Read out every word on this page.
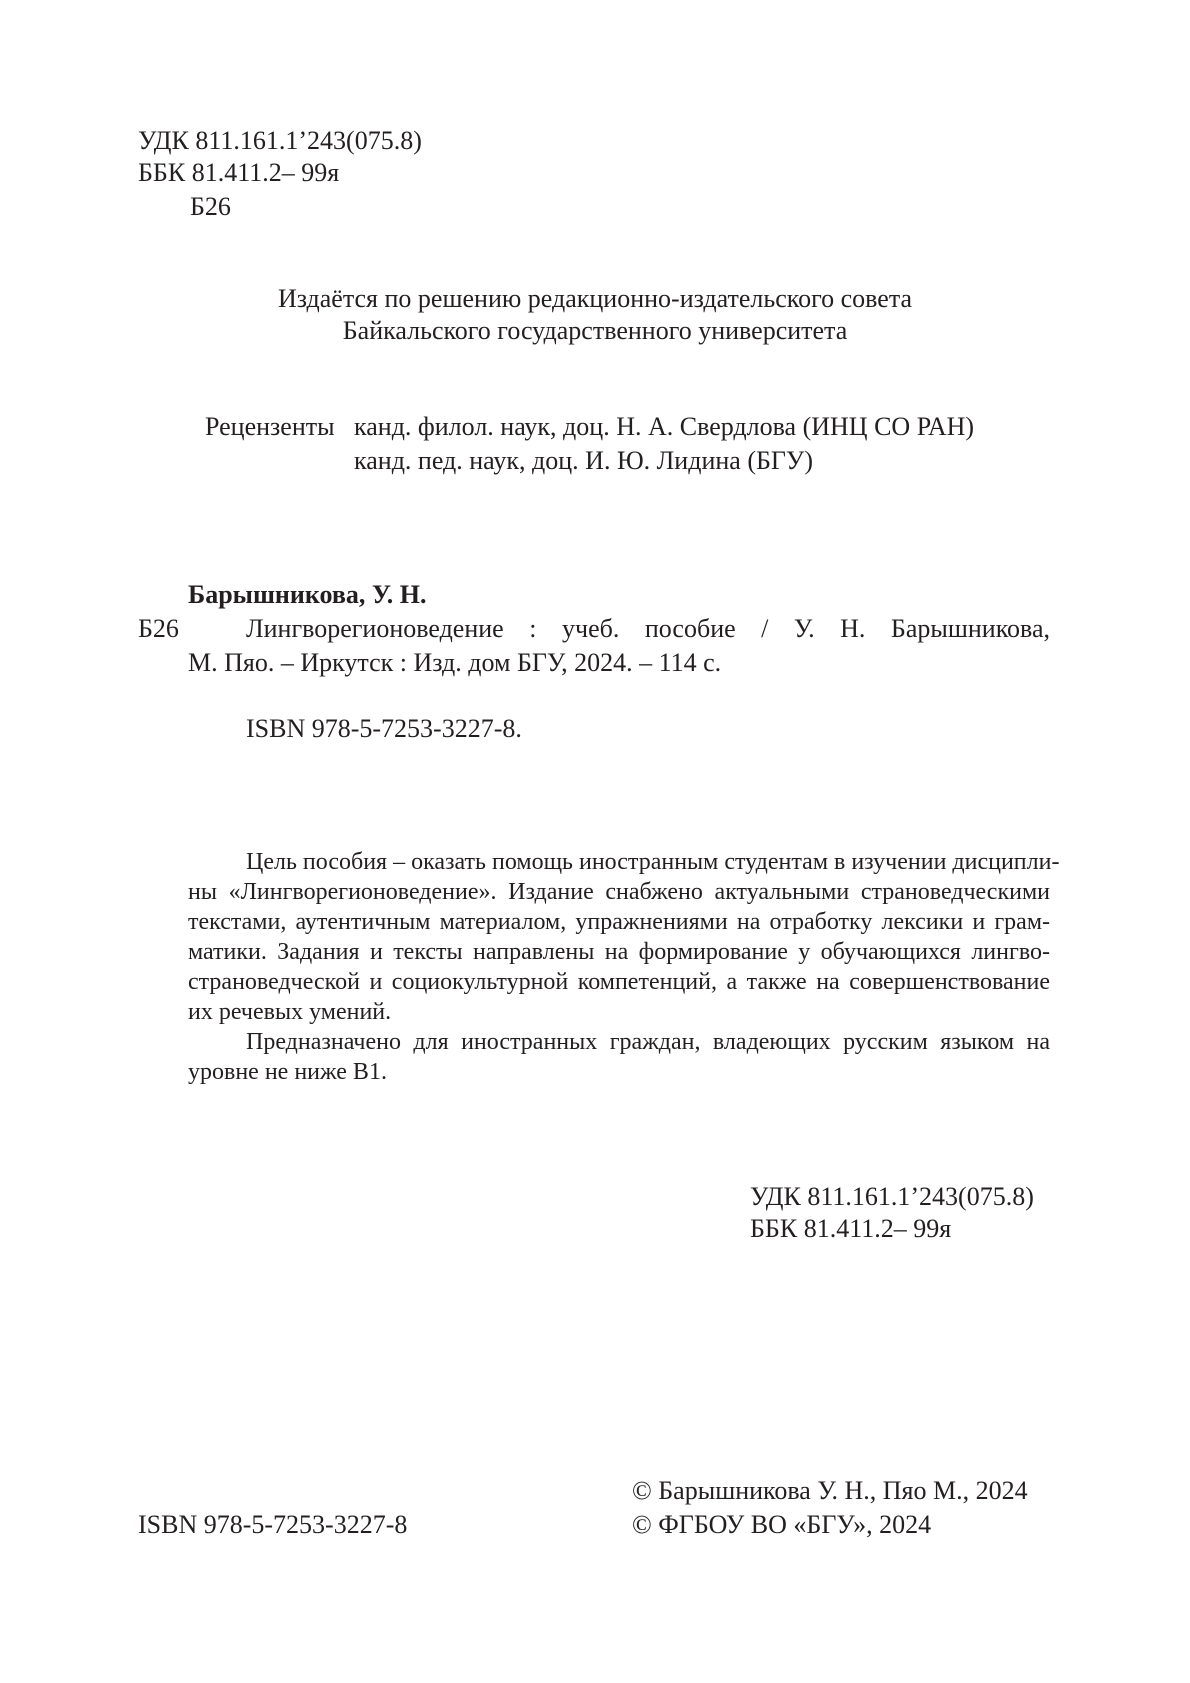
УДК 811.161.1’243(075.8)
ББК 81.411.2– 99я
Б26
Издаётся по решению редакционно-издательского совета
Байкальского государственного университета
Рецензенты канд. филол. наук, доц. Н. А. Свердлова (ИНЦ СО РАН)
канд. пед. наук, доц. И. Ю. Лидина (БГУ)
Барышникова, У. Н.
Б26	Лингворегионоведение : учеб. пособие / У. Н. Барышникова,
М. Пяо. – Иркутск : Изд. дом БГУ, 2024. – 114 с.
ISBN 978-5-7253-3227-8.
Цель пособия – оказать помощь иностранным студентам в изучении дисципли-
ны «Лингворегионоведение». Издание снабжено актуальными страноведческими
текстами, аутентичным материалом, упражнениями на отработку лексики и грам-
матики. Задания и тексты направлены на формирование у обучающихся лингво-
страноведческой и социокультурной компетенций, а также на совершенствование
их речевых умений.
Предназначено для иностранных граждан, владеющих русским языком на
уровне не ниже B1.
УДК 811.161.1’243(075.8)
ББК 81.411.2– 99я
© Барышникова У. Н., Пяо М., 2024
ISBN 978-5-7253-3227-8	© ФГБОУ ВО «БГУ», 2024
